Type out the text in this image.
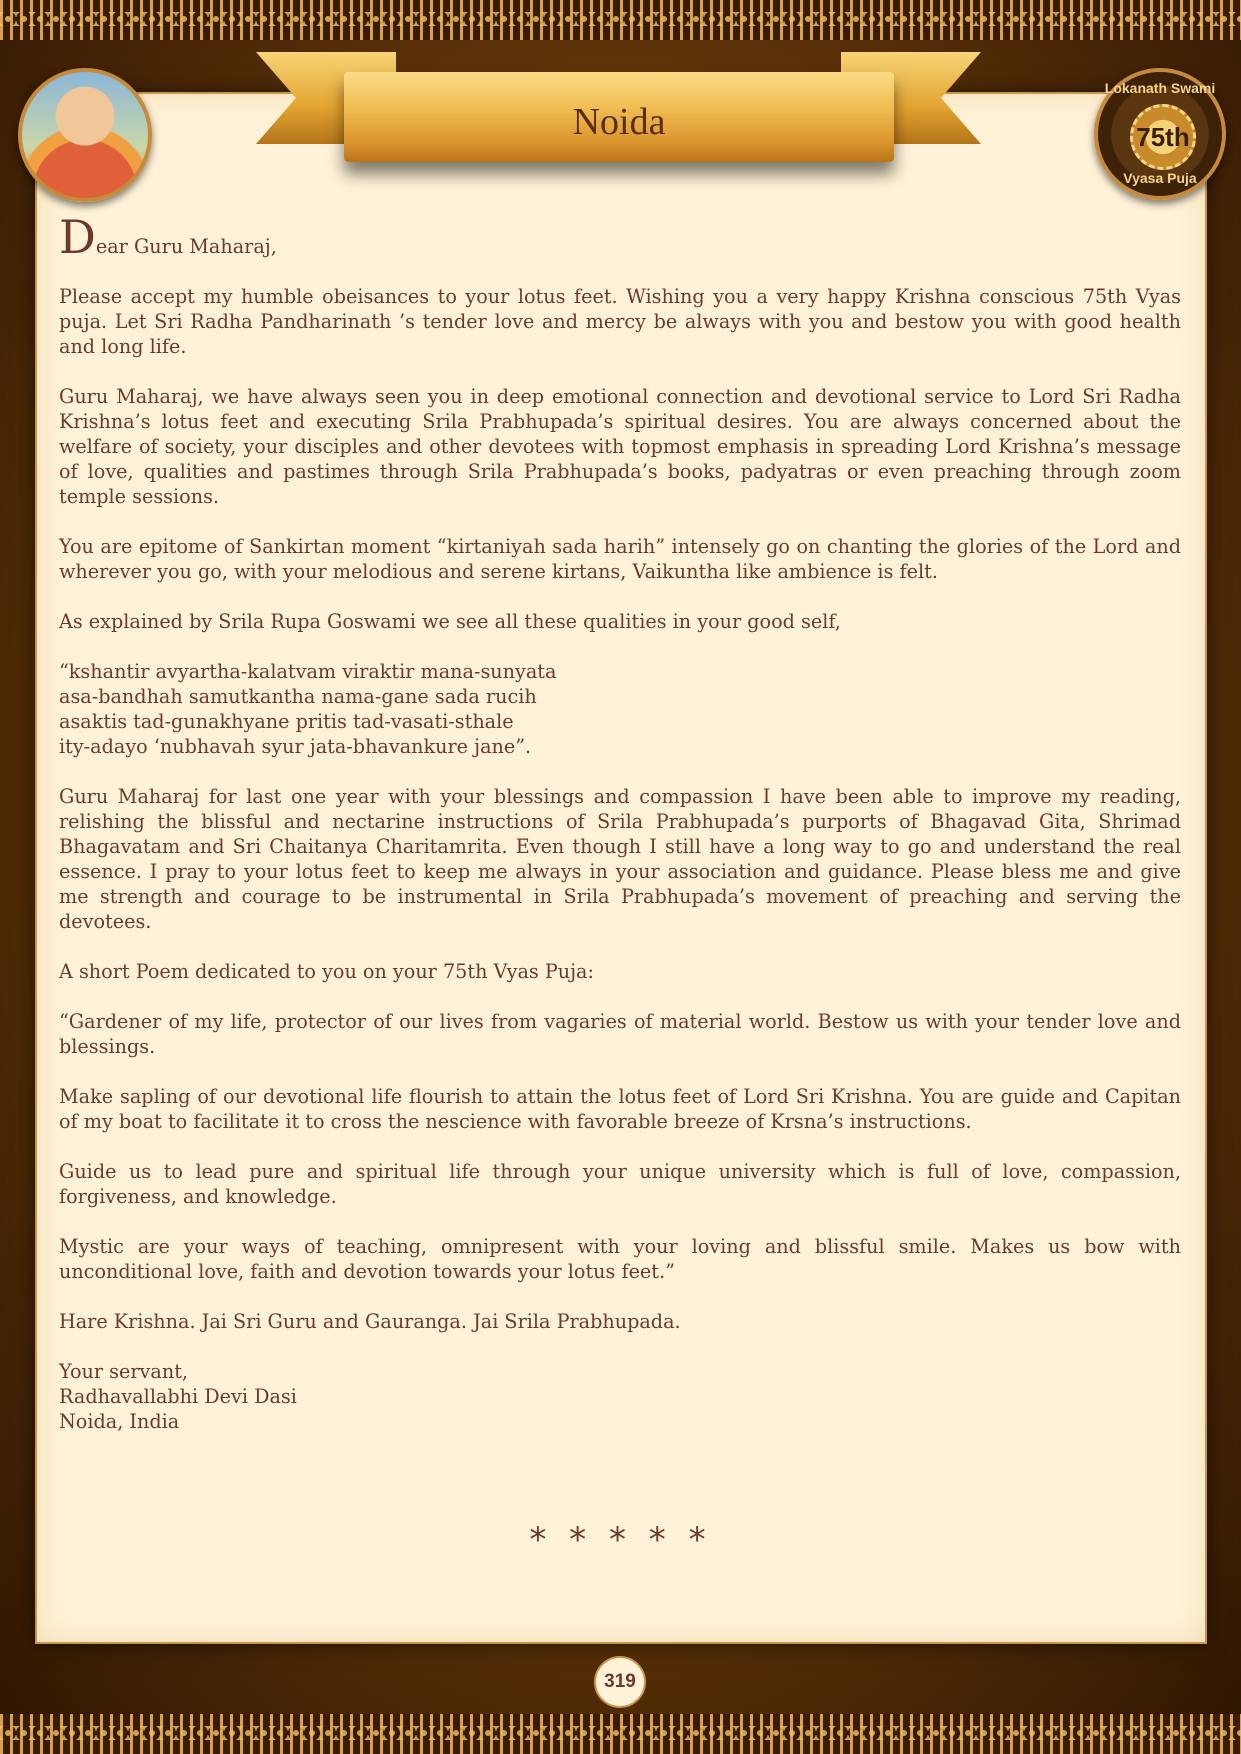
Noida
Lokanath Swami
75th
Vyasa Puja
Dear Guru Maharaj,

Please accept my humble obeisances to your lotus feet. Wishing you a very happy Krishna conscious 75th Vyas puja. Let Sri Radha Pandharinath ’s tender love and mercy be always with you and bestow you with good health and long life.

Guru Maharaj, we have always seen you in deep emotional connection and devotional service to Lord Sri Radha Krishna’s lotus feet and executing Srila Prabhupada’s spiritual desires. You are always concerned about the welfare of society, your disciples and other devotees with topmost emphasis in spreading Lord Krishna’s message of love, qualities and pastimes through Srila Prabhupada’s books, padyatras or even preaching through zoom temple sessions.

You are epitome of Sankirtan moment “kirtaniyah sada harih” intensely go on chanting the glories of the Lord and wherever you go, with your melodious and serene kirtans, Vaikuntha like ambience is felt.

As explained by Srila Rupa Goswami we see all these qualities in your good self,

“kshantir avyartha-kalatvam viraktir mana-sunyata
asa-bandhah samutkantha nama-gane sada rucih
asaktis tad-gunakhyane pritis tad-vasati-sthale
ity-adayo ‘nubhavah syur jata-bhavankure jane”.

Guru Maharaj for last one year with your blessings and compassion I have been able to improve my reading, relishing the blissful and nectarine instructions of Srila Prabhupada’s purports of Bhagavad Gita, Shrimad Bhagavatam and Sri Chaitanya Charitamrita. Even though I still have a long way to go and understand the real essence. I pray to your lotus feet to keep me always in your association and guidance. Please bless me and give me strength and courage to be instrumental in Srila Prabhupada’s movement of preaching and serving the devotees.

A short Poem dedicated to you on your 75th Vyas Puja:

“Gardener of my life, protector of our lives from vagaries of material world. Bestow us with your tender love and blessings.

Make sapling of our devotional life flourish to attain the lotus feet of Lord Sri Krishna. You are guide and Capitan of my boat to facilitate it to cross the nescience with favorable breeze of Krsna’s instructions.

Guide us to lead pure and spiritual life through your unique university which is full of love, compassion, forgiveness, and knowledge.

Mystic are your ways of teaching, omnipresent with your loving and blissful smile. Makes us bow with unconditional love, faith and devotion towards your lotus feet.”

Hare Krishna. Jai Sri Guru and Gauranga. Jai Srila Prabhupada.

Your servant,
Radhavallabhi Devi Dasi
Noida, India

* * * * *
319
